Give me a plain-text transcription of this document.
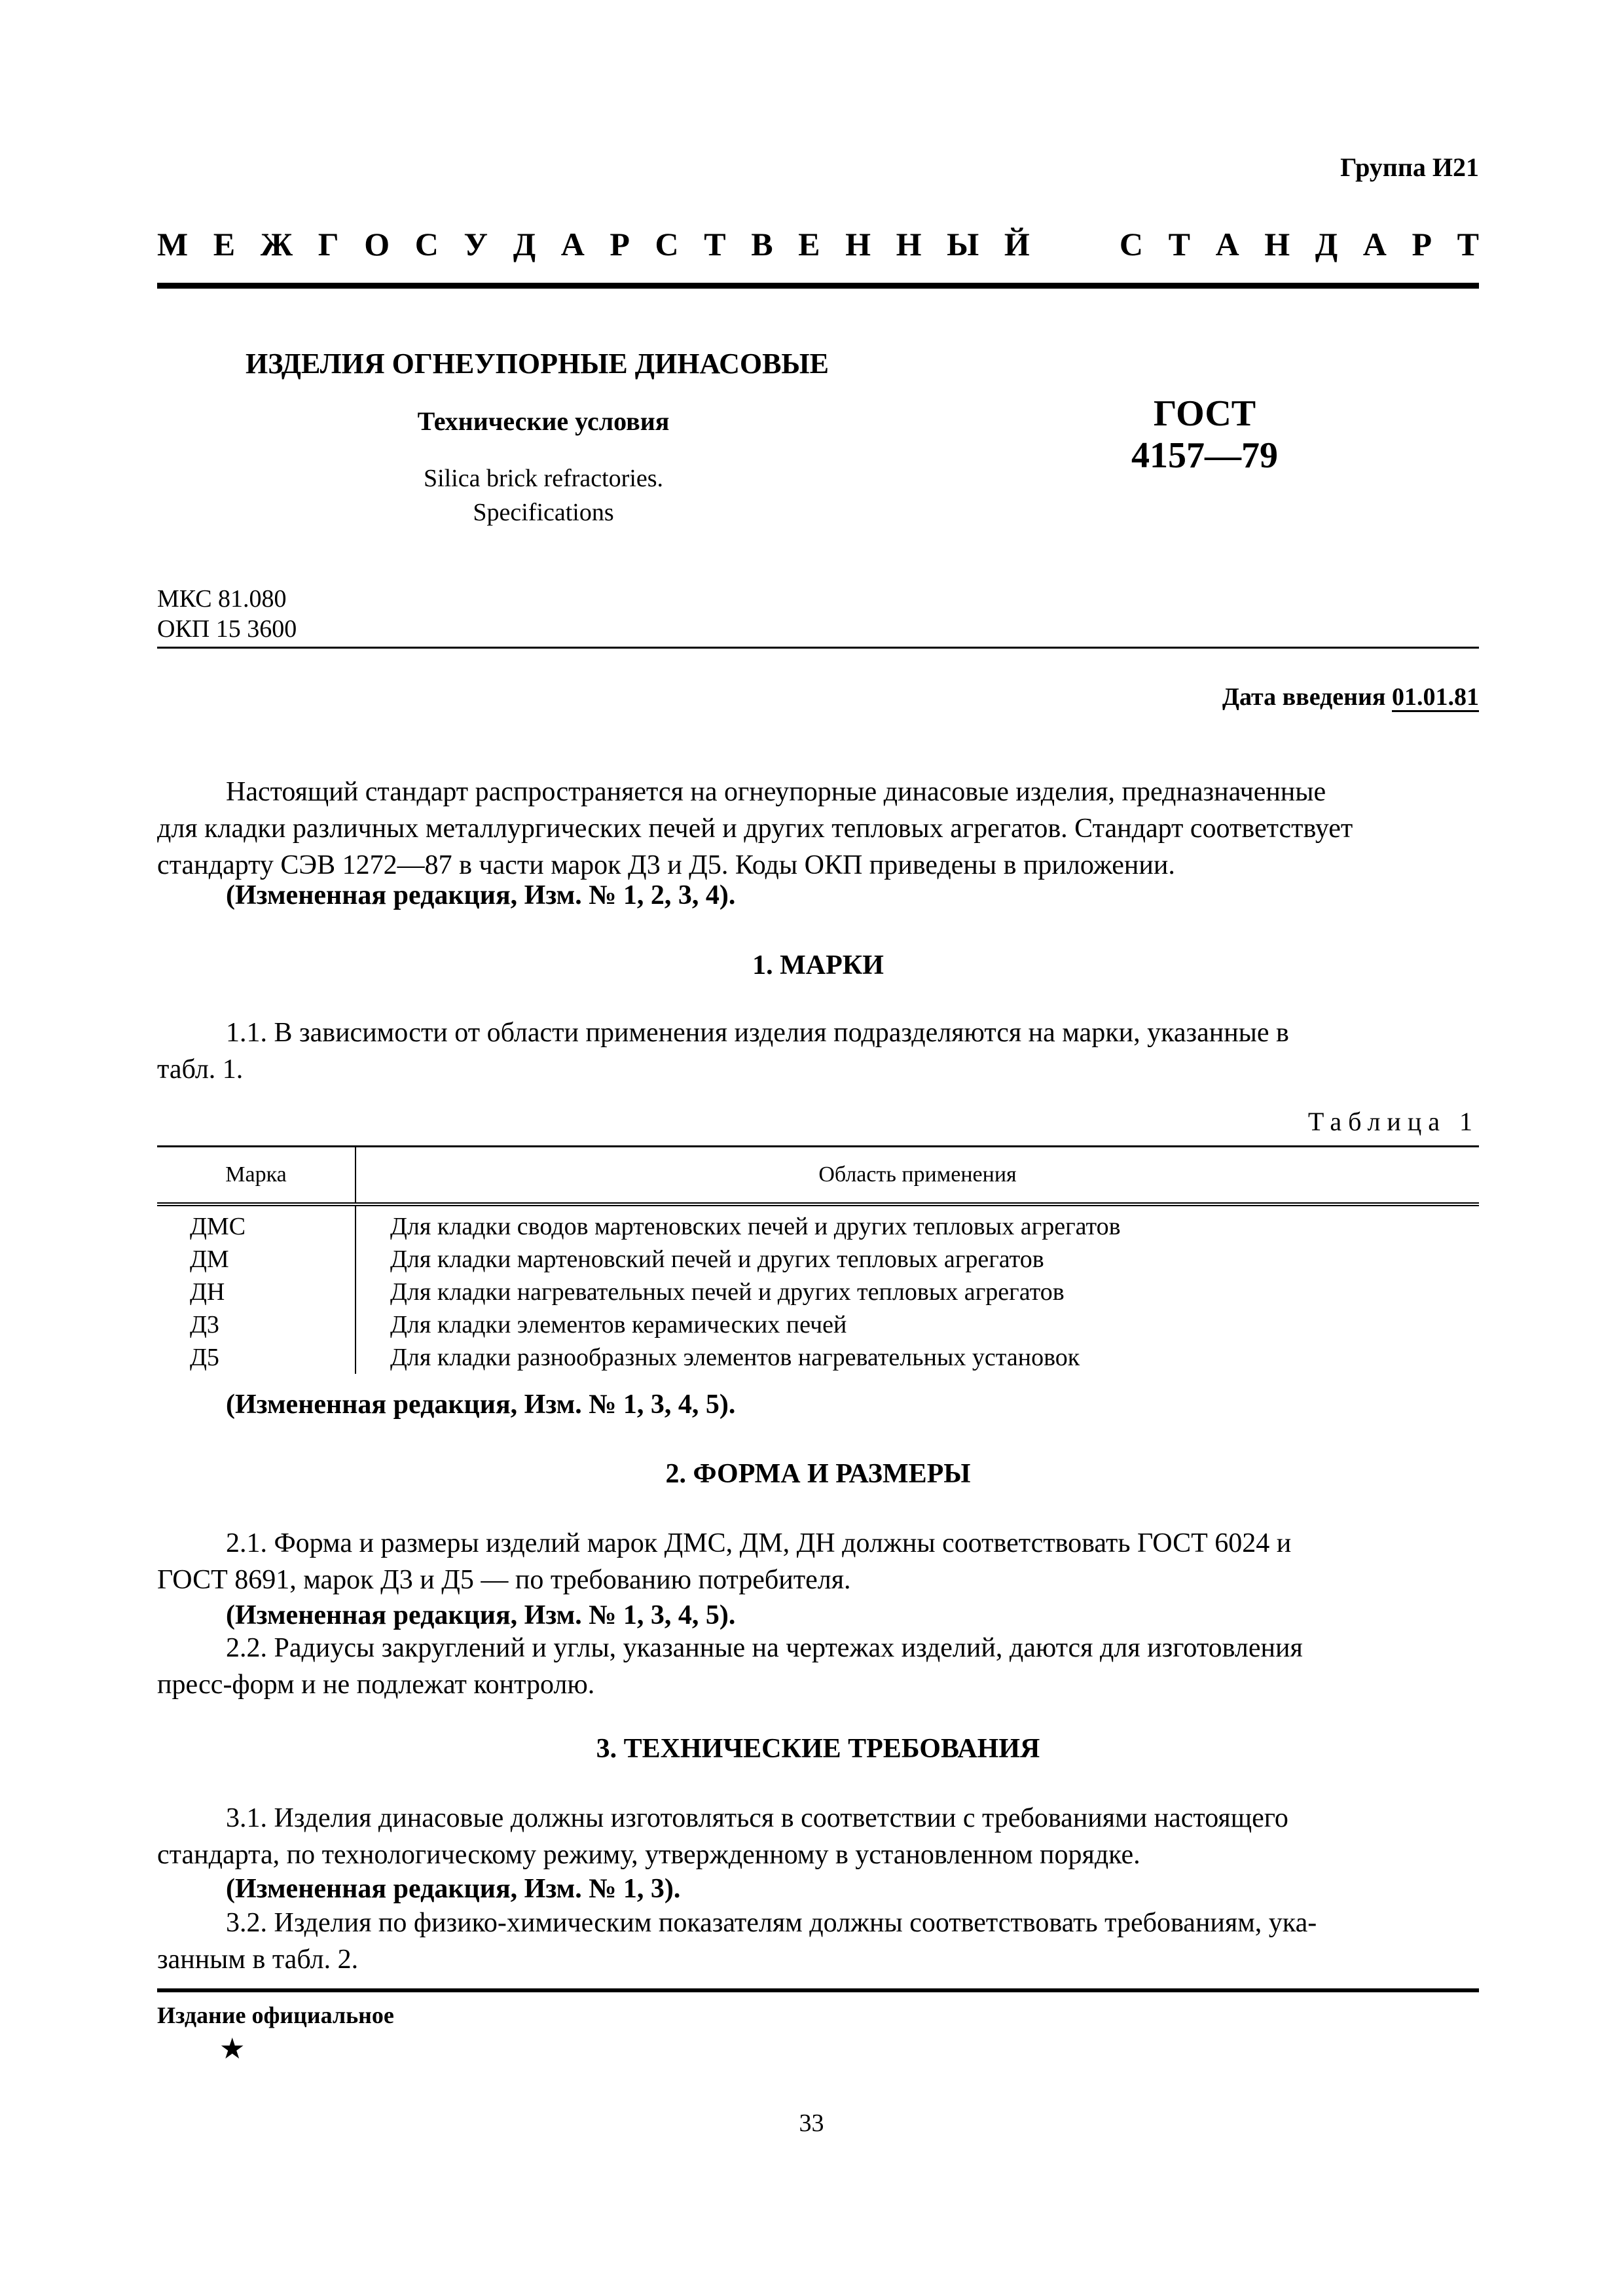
Группа И21
М Е Ж Г О С У Д А Р С Т В Е Н Н Ы Й	С Т А Н Д А Р Т
ИЗДЕЛИЯ ОГНЕУПОРНЫЕ ДИНАСОВЫЕ
Технические условия
Silica brick refractories.
Specifications
ГОСТ
4157—79
МКС 81.080
ОКП 15 3600
Дата введения 01.01.81
Настоящий стандарт распространяется на огнеупорные динасовые изделия, предназначенные
для кладки различных металлургических печей и других тепловых агрегатов. Стандарт соответствует
стандарту СЭВ 1272—87 в части марок Д3 и Д5. Коды ОКП приведены в приложении.
(Измененная редакция, Изм. № 1, 2, 3, 4).
1. МАРКИ
1.1. В зависимости от области применения изделия подразделяются на марки, указанные в
табл. 1.
Таблица 1
Марка	Область применения
ДМС	Для кладки сводов мартеновских печей и других тепловых агрегатов
ДМ	Для кладки мартеновский печей и других тепловых агрегатов
ДН	Для кладки нагревательных печей и других тепловых агрегатов
Д3	Для кладки элементов керамических печей
Д5	Для кладки разнообразных элементов нагревательных установок
(Измененная редакция, Изм. № 1, 3, 4, 5).
2. ФОРМА И РАЗМЕРЫ
2.1. Форма и размеры изделий марок ДМС, ДМ, ДН должны соответствовать ГОСТ 6024 и
ГОСТ 8691, марок Д3 и Д5 — по требованию потребителя.
(Измененная редакция, Изм. № 1, 3, 4, 5).
2.2. Радиусы закруглений и углы, указанные на чертежах изделий, даются для изготовления
пресс-форм и не подлежат контролю.
3. ТЕХНИЧЕСКИЕ ТРЕБОВАНИЯ
3.1. Изделия динасовые должны изготовляться в соответствии с требованиями настоящего
стандарта, по технологическому режиму, утвержденному в установленном порядке.
(Измененная редакция, Изм. № 1, 3).
3.2. Изделия по физико-химическим показателям должны соответствовать требованиям, ука-
занным в табл. 2.
Издание официальное
★
33
